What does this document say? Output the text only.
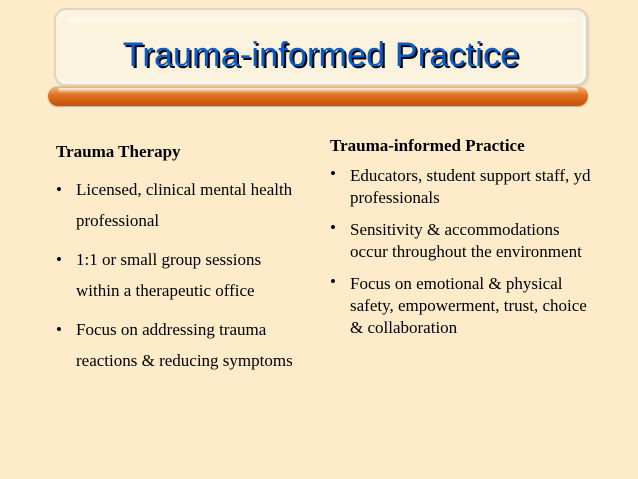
Trauma-informed Practice
Trauma Therapy
• Licensed, clinical mental health professional
• 1:1 or small group sessions within a therapeutic office
• Focus on addressing trauma reactions & reducing symptoms
Trauma-informed Practice
• Educators, student support staff, yd professionals
• Sensitivity & accommodations occur throughout the environment
• Focus on emotional & physical safety, empowerment, trust, choice & collaboration
